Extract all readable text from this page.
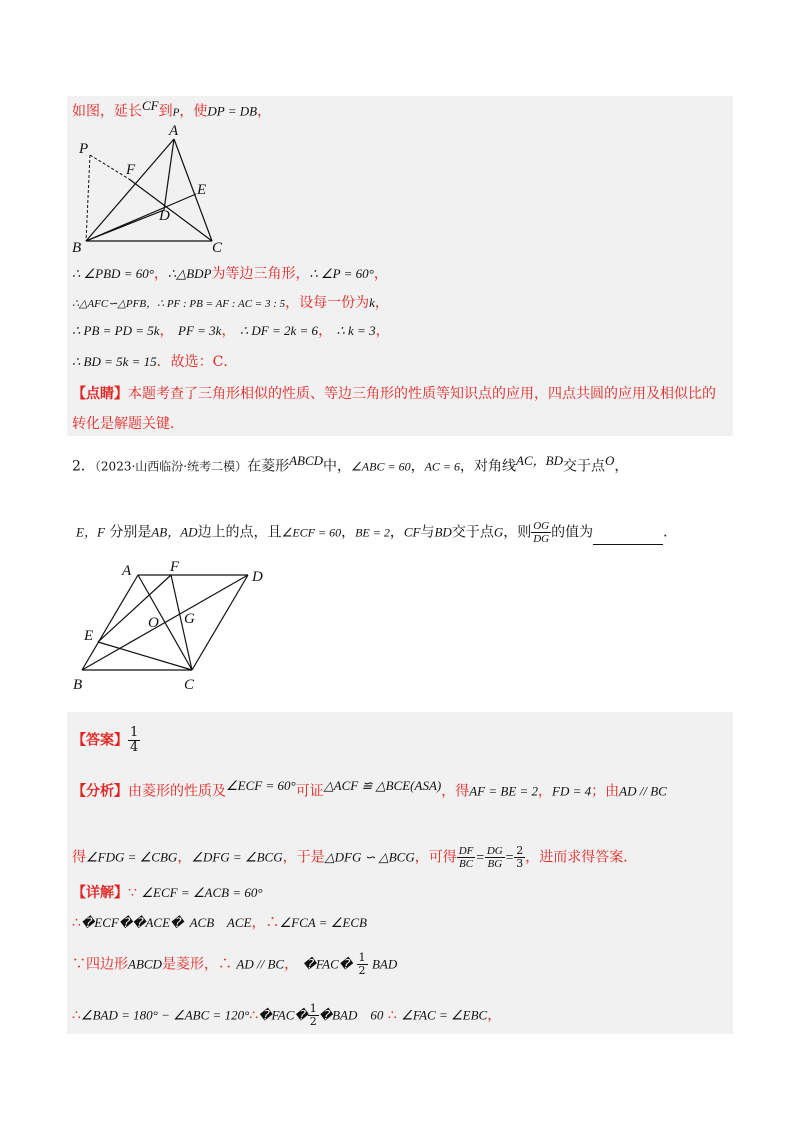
如图，延长$^{CF}$到P，使DP = DB，
P
A
F
E
D
B	C
∴ ∠PBD = 60°，∴△BDP为等边三角形，∴ ∠P = 60°，
∴△AFC∽△PFB，∴ PF : PB = AF : AC = 3 : 5，设每一份为k，
∴ PB = PD = 5k， PF = 3k， ∴ DF = 2k = 6， ∴ k = 3，
∴ BD = 5k = 15．故选：C．
【点睛】本题考查了三角形相似的性质、等边三角形的性质等知识点的应用，四点共圆的应用及相似比的
转化是解题关键．
2．（2023·山西临汾·统考二模）在菱形$^{ABCD}$中，∠ABC = 60，AC = 6，对角线$^{AC,BD}$交于点$^O$，
E，F 分别是AB，AD边上的点，且∠ECF = 60，BE = 2，CF与BD交于点G，则 $\frac{OG}{DG}$ 的值为	．
A	F
D
E
O G
B	C
【答案】 $\frac{1}{4}$
【分析】由菱形的性质及$^{\angle ECF = 60^\circ}$可证$^{\triangle ACF ≌ \triangle BCE(ASA)}$，得AF = BE = 2，FD = 4；由AD // BC
得∠FDG = ∠CBG，∠DFG = ∠BCG，于是△DFG ∽ △BCG，可得 $\frac{DF}{BC} = \frac{DG}{BG} = \frac{2}{3}$ ，进而求得答案．
【详解】∵ ∠ECF = ∠ACB = 60°
∴�ECF��ACE�  ACB    ACE，∴∠FCA = ∠ECB
∵四边形ABCD是菱形，∴ AD // BC， �FAC� $\frac{1}{2}$ BAD
∴∠BAD = 180° − ∠ABC = 120°∴�FAC� $\frac{1}{2}$ �BAD    60 ∴ ∠FAC = ∠EBC，
